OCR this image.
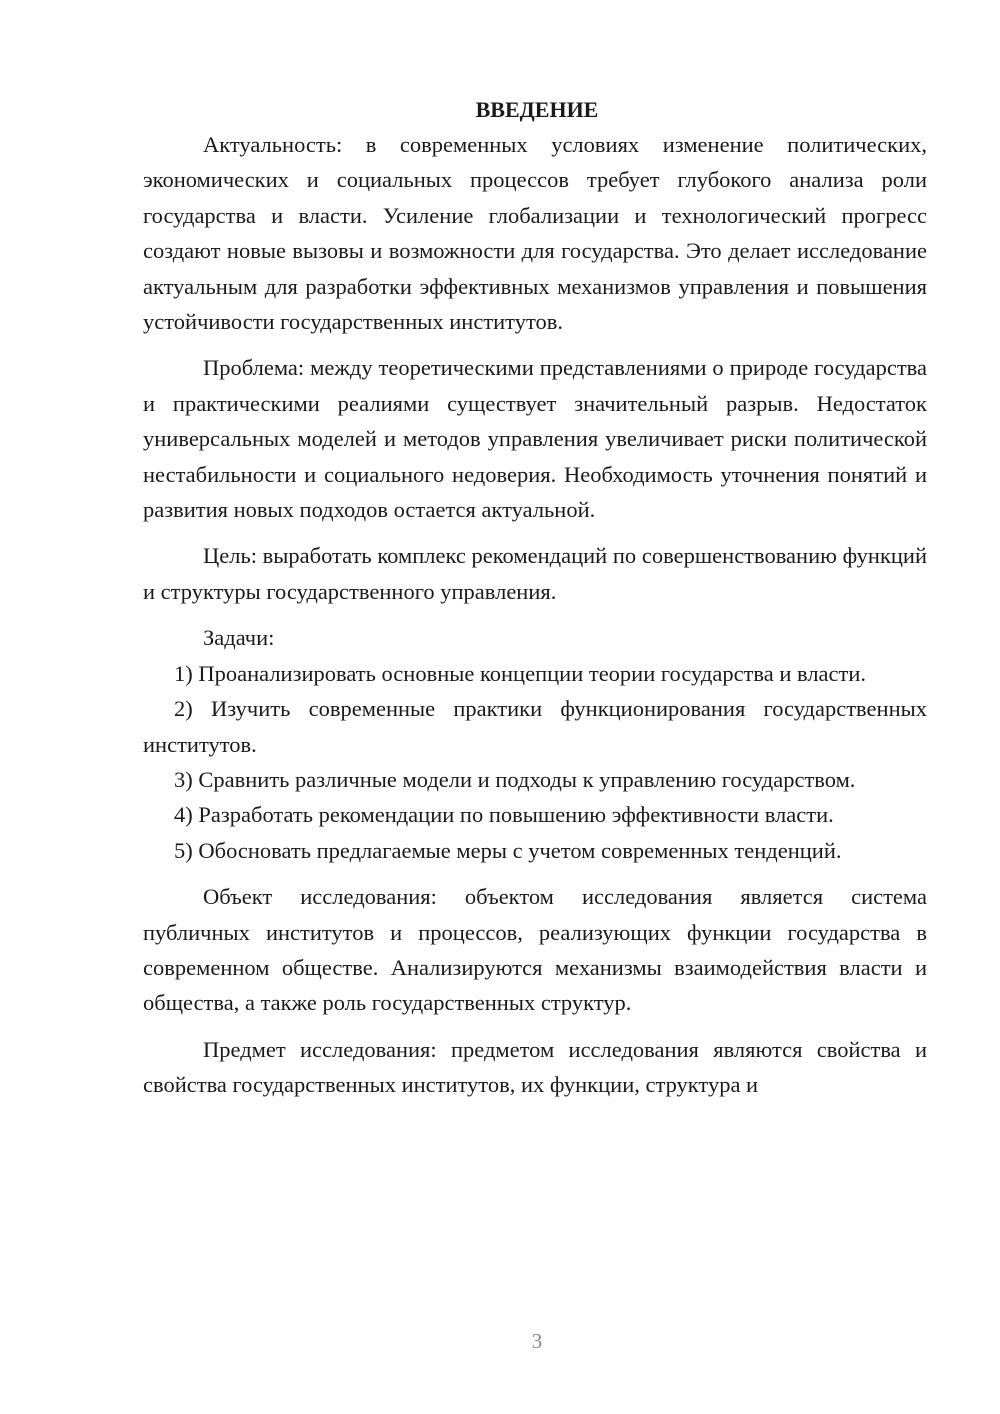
ВВЕДЕНИЕ

Актуальность: в современных условиях изменение политических, экономических и социальных процессов требует глубокого анализа роли государства и власти. Усиление глобализации и технологический прогресс создают новые вызовы и возможности для государства. Это делает исследование актуальным для разработки эффективных механизмов управления и повышения устойчивости государственных институтов.

Проблема: между теоретическими представлениями о природе государства и практическими реалиями существует значительный разрыв. Недостаток универсальных моделей и методов управления увеличивает риски политической нестабильности и социального недоверия. Необходимость уточнения понятий и развития новых подходов остается актуальной.

Цель: выработать комплекс рекомендаций по совершенствованию функций и структуры государственного управления.

Задачи:

1) Проанализировать основные концепции теории государства и власти.

2) Изучить современные практики функционирования государственных институтов.

3) Сравнить различные модели и подходы к управлению государством.

4) Разработать рекомендации по повышению эффективности власти.

5) Обосновать предлагаемые меры с учетом современных тенденций.

Объект исследования: объектом исследования является система публичных институтов и процессов, реализующих функции государства в современном обществе. Анализируются механизмы взаимодействия власти и общества, а также роль государственных структур.

Предмет исследования: предметом исследования являются свойства и свойства государственных институтов, их функции, структура и

3
